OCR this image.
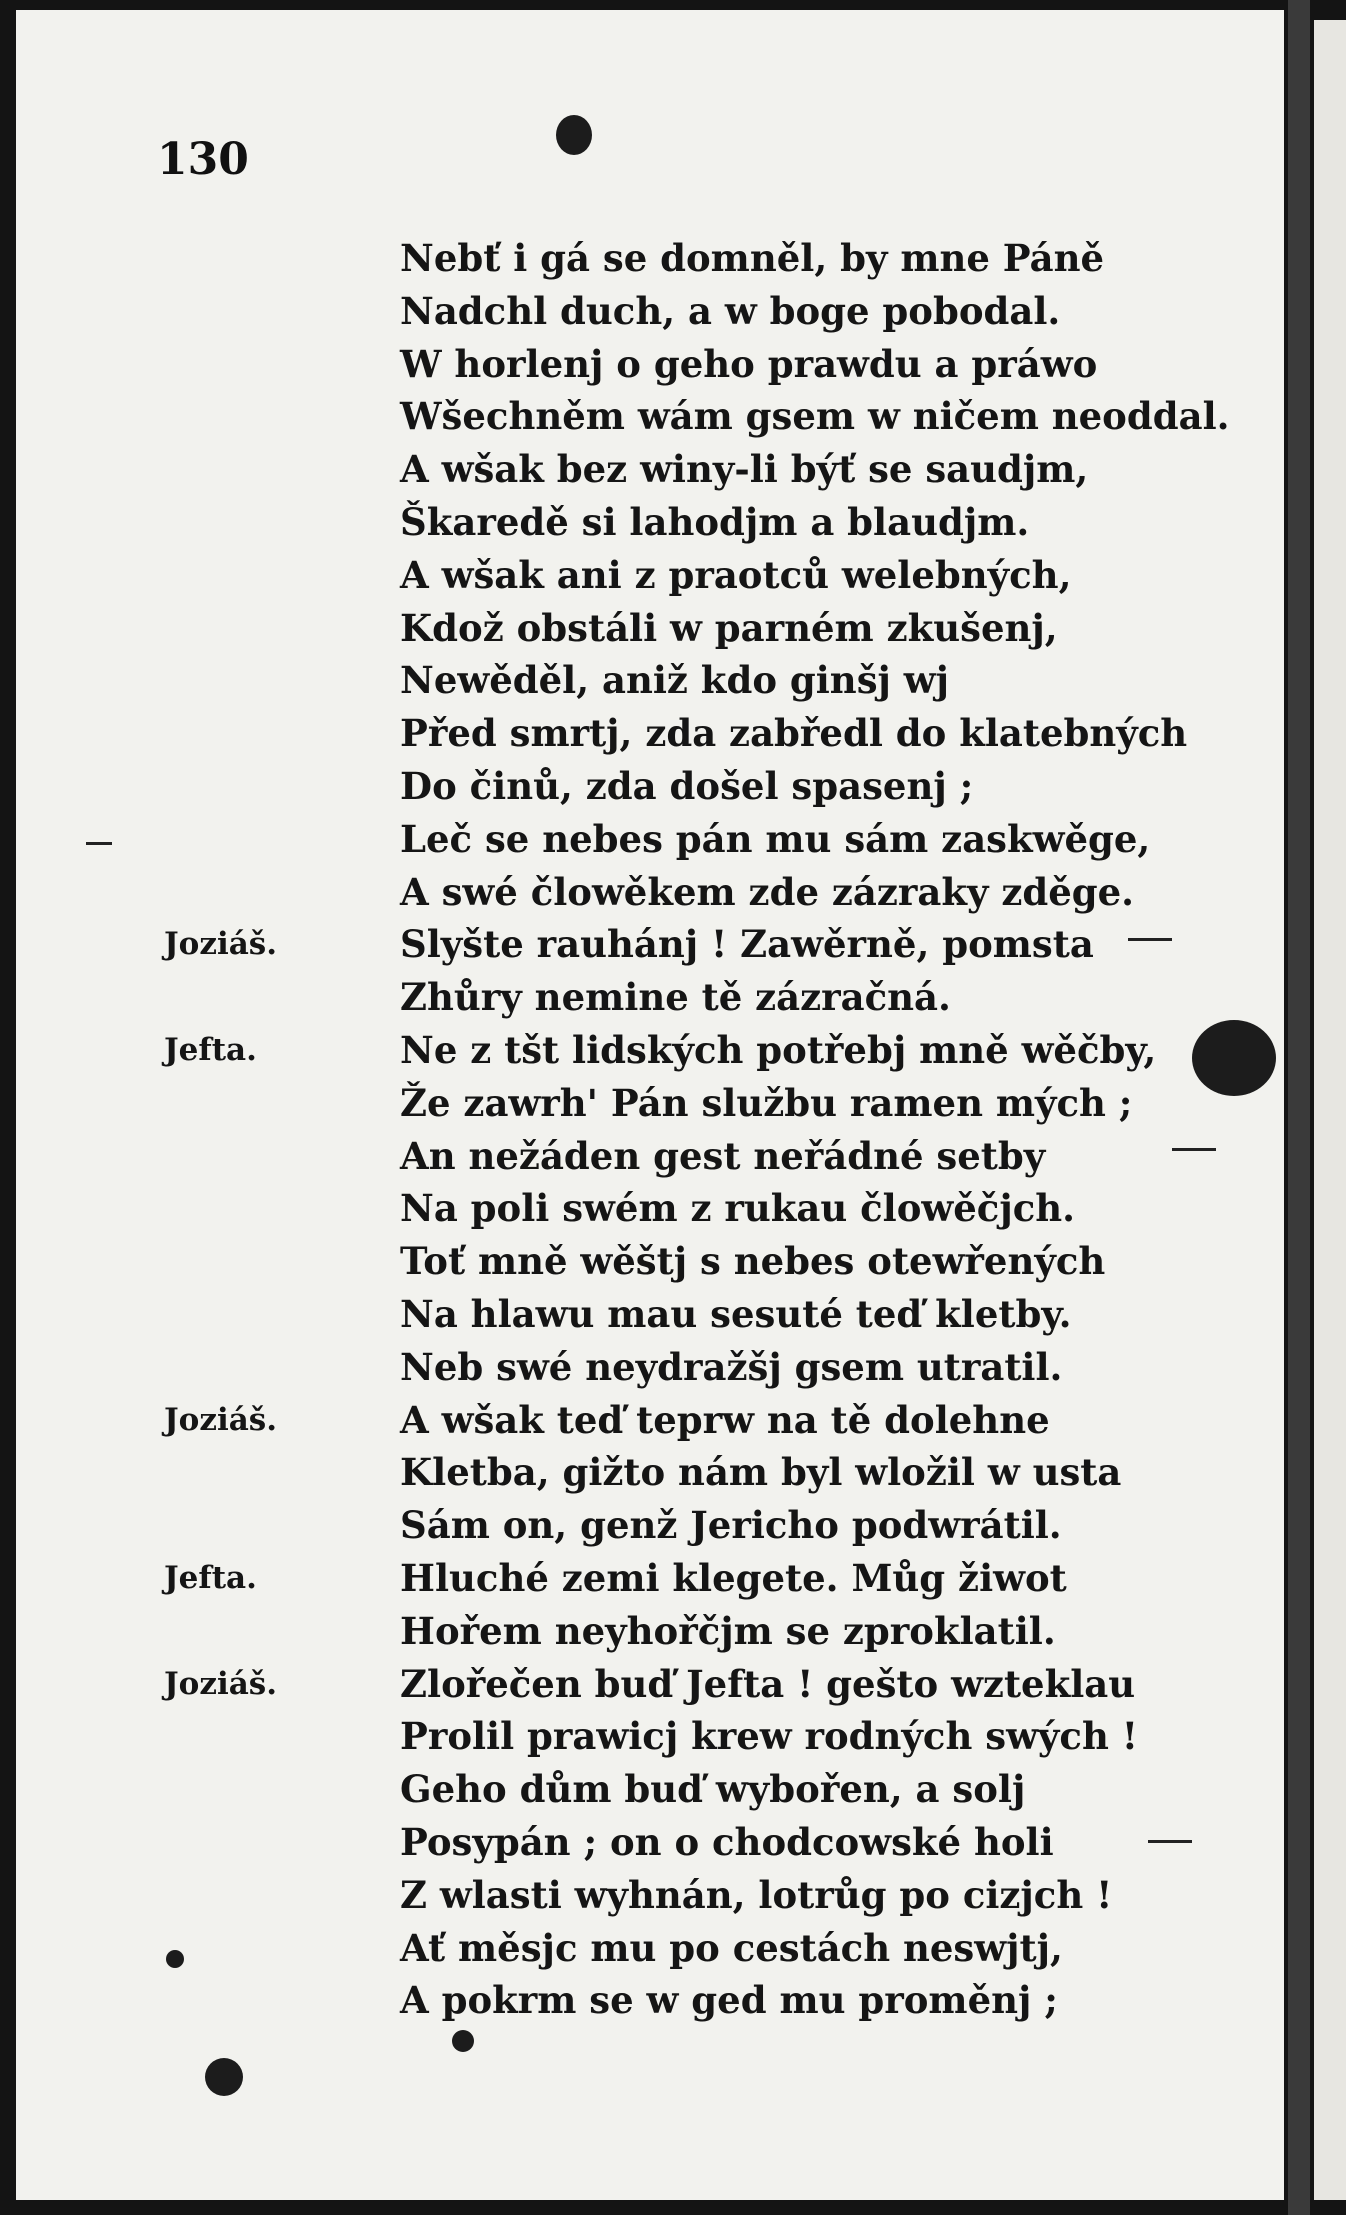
130
Joziáš.
Jefta.
Joziáš.
Jefta.
Joziáš.
Nebť i gá se domněl, by mne Páně
Nadchl duch, a w boge pobodal.
W horlenj o geho prawdu a práwo
Wšechněm wám gsem w ničem neoddal.
A wšak bez winy-li býť se saudjm,
Škaredě si lahodjm a blaudjm.
A wšak ani z praotců welebných,
Kdož obstáli w parném zkušenj,
Newěděl, aniž kdo ginšj wj
Před smrtj, zda zabředl do klatebných
Do činů, zda došel spasenj ;
Leč se nebes pán mu sám zaskwěge,
A swé člowěkem zde zázraky zděge.
Slyšte rauhánj ! Zawěrně, pomsta
Zhůry nemine tě zázračná.
Ne z tšt lidských potřebj mně wěčby,
Že zawrh' Pán službu ramen mých ;
An nežáden gest neřádné setby
Na poli swém z rukau člowěčjch.
Toť mně wěštj s nebes otewřených
Na hlawu mau sesuté teď kletby.
Neb swé neydražšj gsem utratil.
A wšak teď teprw na tě dolehne
Kletba, gižto nám byl wložil w usta
Sám on, genž Jericho podwrátil.
Hluché zemi klegete. Můg žiwot
Hořem neyhořčjm se zproklatil.
Zlořečen buď Jefta ! gešto wzteklau
Prolil prawicj krew rodných swých !
Geho dům buď wybořen, a solj
Posypán ; on o chodcowské holi
Z wlasti wyhnán, lotrůg po cizjch !
Ať měsjc mu po cestách neswjtj,
A pokrm se w ged mu proměnj ;
